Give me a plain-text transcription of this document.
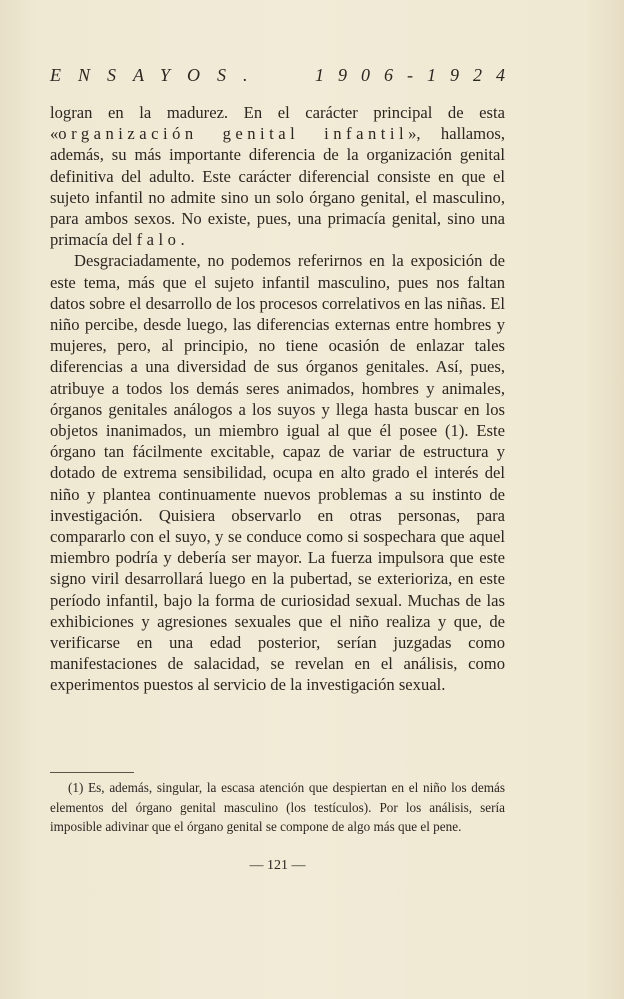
ENSAYOS.	1906-1924

logran en la madurez. En el carácter principal de esta «organización genital infantil», hallamos, además, su más importante diferencia de la organización genital definitiva del adulto. Este carácter diferencial consiste en que el sujeto infantil no admite sino un solo órgano genital, el masculino, para ambos sexos. No existe, pues, una primacía genital, sino una primacía del falo.

Desgraciadamente, no podemos referirnos en la exposición de este tema, más que el sujeto infantil masculino, pues nos faltan datos sobre el desarrollo de los procesos correlativos en las niñas. El niño percibe, desde luego, las diferencias externas entre hombres y mujeres, pero, al principio, no tiene ocasión de enlazar tales diferencias a una diversidad de sus órganos genitales. Así, pues, atribuye a todos los demás seres animados, hombres y animales, órganos genitales análogos a los suyos y llega hasta buscar en los objetos inanimados, un miembro igual al que él posee (1). Este órgano tan fácilmente excitable, capaz de variar de estructura y dotado de extrema sensibilidad, ocupa en alto grado el interés del niño y plantea continuamente nuevos problemas a su instinto de investigación. Quisiera observarlo en otras personas, para compararlo con el suyo, y se conduce como si sospechara que aquel miembro podría y debería ser mayor. La fuerza impulsora que este signo viril desarrollará luego en la pubertad, se exterioriza, en este período infantil, bajo la forma de curiosidad sexual. Muchas de las exhibiciones y agresiones sexuales que el niño realiza y que, de verificarse en una edad posterior, serían juzgadas como manifestaciones de salacidad, se revelan en el análisis, como experimentos puestos al servicio de la investigación sexual.

(1) Es, además, singular, la escasa atención que despiertan en el niño los demás elementos del órgano genital masculino (los testículos). Por los análisis, sería imposible adivinar que el órgano genital se compone de algo más que el pene.

— 121 —
